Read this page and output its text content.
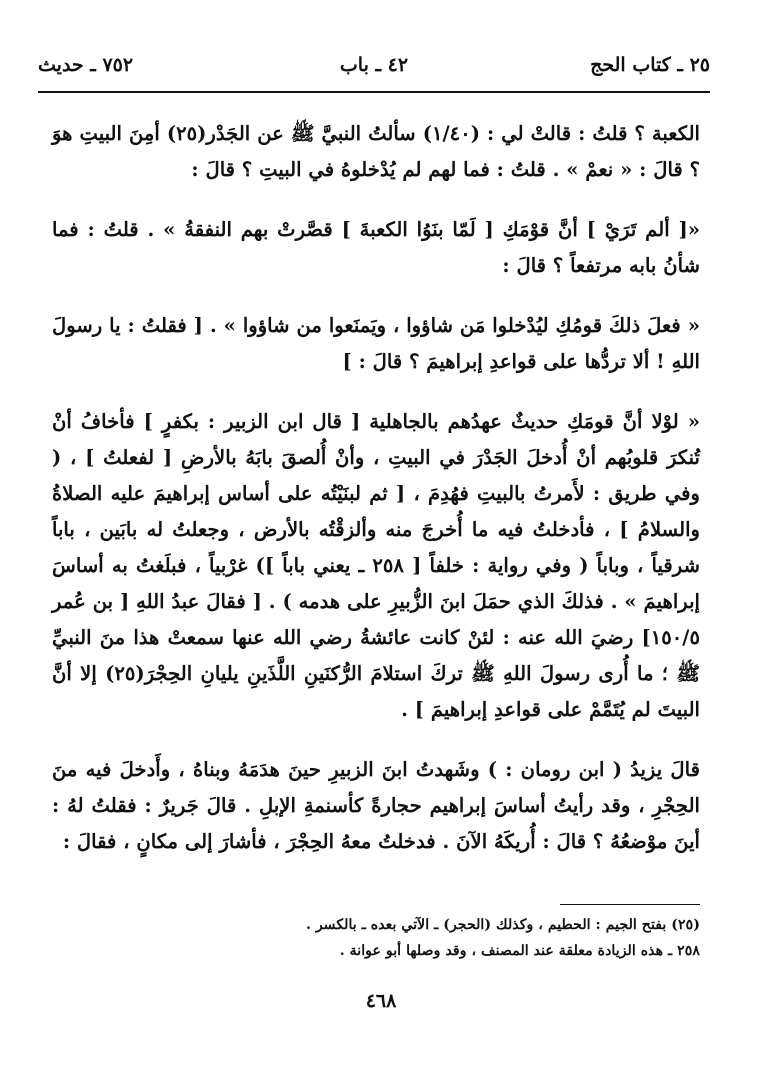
٢٥ ـ كتاب الحج
٤٢ ـ باب
٧٥٢ ـ حديث

الكعبة ؟ قلتُ : قالتْ لي : (١/٤٠) سألتُ النبيَّ ﷺ عن الجَدْر(٢٥) أمِنَ البيتِ هوَ ؟ قالَ : « نعمْ » . قلتُ : فما لهم لم يُدْخلوهُ في البيتِ ؟ قالَ :

«[ ألم تَرَيْ ] أنَّ قوْمَكِ [ لَمّا بنَوُا الكعبةَ ] قصَّرتْ بهم النفقةُ » . قلتُ : فما شأنُ بابه مرتفعاً ؟ قالَ :

« فعلَ ذلكَ قومُكِ ليُدْخلوا مَن شاؤوا ، ويَمنَعوا من شاؤوا » . [ فقلتُ : يا رسولَ اللهِ ! ألا تردُّها على قواعدِ إبراهيمَ ؟ قالَ : ]

« لوْلا أنَّ قومَكِ حديثٌ عهدُهم بالجاهلية [ قال ابن الزبير : بكفرٍ ] فأخافُ أنْ تُنكرَ قلوبُهم أنْ أُدخلَ الجَدْرَ في البيتِ ، وأنْ أُلصقَ بابَهُ بالأرضِ [ لفعلتُ ] ، ( وفي طريق : لأَمرتُ بالبيتِ فهُدِمَ ، [ ثم لبنَيْتُه على أساس إبراهيمَ عليه الصلاةُ والسلامُ ] ، فأدخلتُ فيه ما أُخرجَ منه وألزقْتُه بالأرض ، وجعلتُ له بابَين ، باباً شرقياً ، وباباً ( وفي رواية : خلفاً [ ٢٥٨ ـ يعني باباً ]) غرْبياً ، فبلَغتُ به أساسَ إبراهيمَ » . فذلكَ الذي حمَلَ ابنَ الزُّبيرِ على هدمه ) . [ فقالَ عبدُ اللهِ [ بن عُمر ١٥٠/٥] رضيَ الله عنه : لئنْ كانت عائشةُ رضي الله عنها سمعتْ هذا منَ النبيِّ ﷺ ؛ ما أُرى رسولَ اللهِ ﷺ تركَ استلامَ الرُّكنَينِ اللَّذَينِ يليانِ الحِجْرَ(٢٥) إلا أنَّ البيتَ لم يُتَمَّمْ على قواعدِ إبراهيمَ ] .

قالَ يزيدُ ( ابن رومان : ) وشَهدتُ ابنَ الزبيرِ حينَ هدَمَهُ وبناهُ ، وأَدخلَ فيه منَ الحِجْرِ ، وقد رأيتُ أساسَ إبراهيم حجارةً كأسنمةِ الإبلِ . قالَ جَريرٌ : فقلتُ لهُ : أينَ موْضعُهُ ؟ قالَ : أُريكَهُ الآنَ . فدخلتُ معهُ الحِجْرَ ، فأشارَ إلى مكانٍ ، فقالَ :

(٢٥) بفتح الجيم : الحطيم ، وكذلك (الحجر) ـ الآتي بعده ـ بالكسر .

٢٥٨ ـ هذه الزيادة معلقة عند المصنف ، وقد وصلها أبو عوانة .

٤٦٨
